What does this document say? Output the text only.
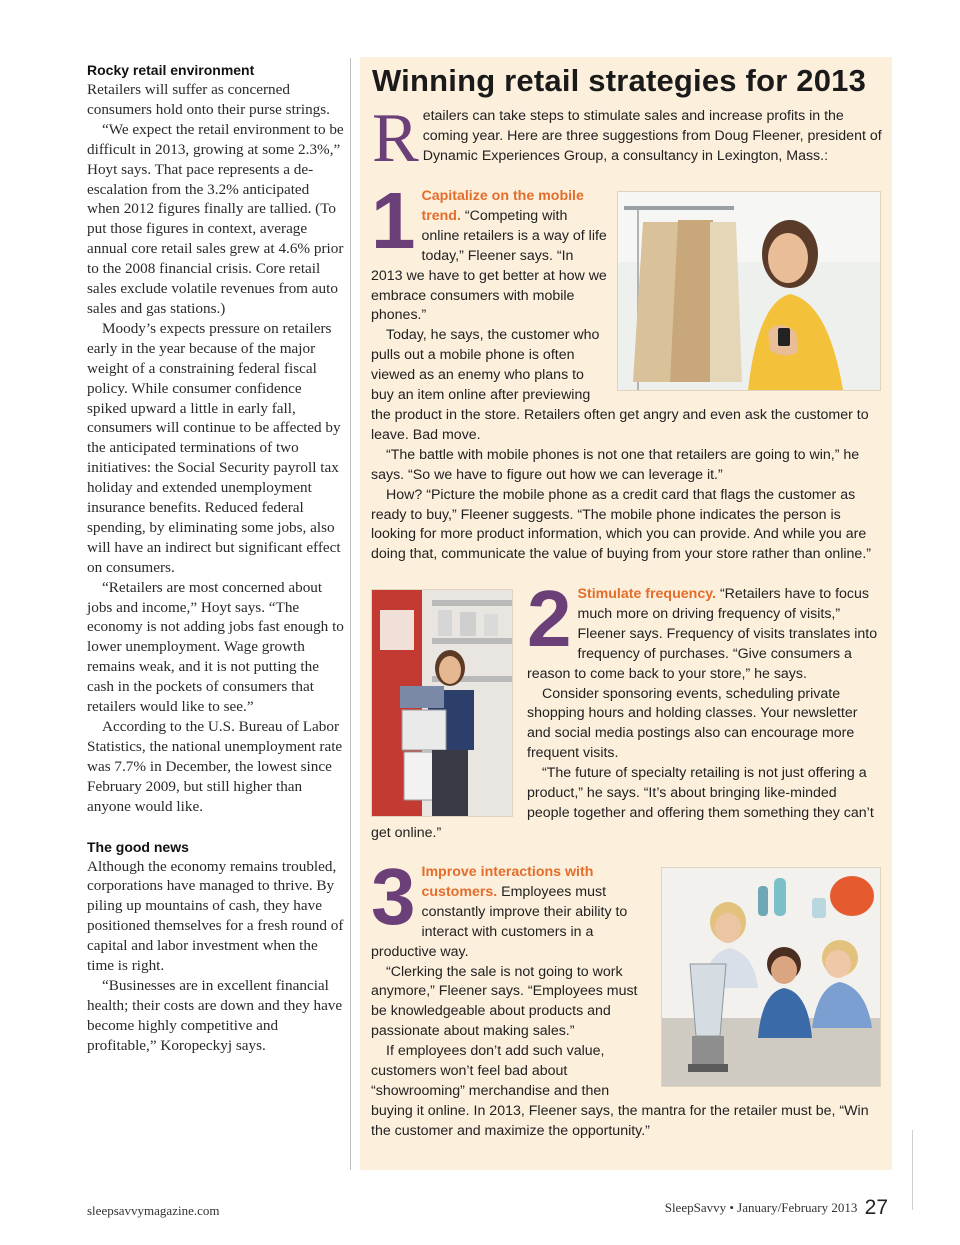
Rocky retail environment

Retailers will suffer as concerned consumers hold onto their purse strings.

“We expect the retail environment to be difficult in 2013, growing at some 2.3%,” Hoyt says. That pace represents a de-escalation from the 3.2% anticipated when 2012 figures finally are tallied. (To put those figures in context, average annual core retail sales grew at 4.6% prior to the 2008 financial crisis. Core retail sales exclude volatile revenues from auto sales and gas stations.)

Moody’s expects pressure on retailers early in the year because of the major weight of a constraining federal fiscal policy. While consumer confidence spiked upward a little in early fall, consumers will continue to be affected by the anticipated terminations of two initiatives: the Social Security payroll tax holiday and extended unemployment insurance benefits. Reduced federal spending, by eliminating some jobs, also will have an indirect but significant effect on consumers.

“Retailers are most concerned about jobs and income,” Hoyt says. “The economy is not adding jobs fast enough to lower unemployment. Wage growth remains weak, and it is not putting the cash in the pockets of consumers that retailers would like to see.”

According to the U.S. Bureau of Labor Statistics, the national unemployment rate was 7.7% in December, the lowest since February 2009, but still higher than anyone would like.

The good news

Although the economy remains troubled, corporations have managed to thrive. By piling up mountains of cash, they have positioned themselves for a fresh round of capital and labor investment when the time is right.

“Businesses are in excellent financial health; their costs are down and they have become highly competitive and profitable,” Koropeckyj says.

Winning retail strategies for 2013
R etailers can take steps to stimulate sales and increase profits in the coming year. Here are three suggestions from Doug Fleener, president of Dynamic Experiences Group, a consultancy in Lexington, Mass.:

1 Capitalize on the mobile trend. “Competing with online retailers is a way of life today,” Fleener says. “In 2013 we have to get better at how we embrace consumers with mobile phones.”

Today, he says, the customer who pulls out a mobile phone is often viewed as an enemy who plans to buy an item online after previewing the product in the store. Retailers often get angry and even ask the customer to leave. Bad move.

“The battle with mobile phones is not one that retailers are going to win,” he says. “So we have to figure out how we can leverage it.”

How? “Picture the mobile phone as a credit card that flags the customer as ready to buy,” Fleener suggests. “The mobile phone indicates the person is looking for more product information, which you can provide. And while you are doing that, communicate the value of buying from your store rather than online.”

2 Stimulate frequency. “Retailers have to focus much more on driving frequency of visits,” Fleener says. Frequency of visits translates into frequency of purchases. “Give consumers a reason to come back to your store,” he says.

Consider sponsoring events, scheduling private shopping hours and holding classes. Your newsletter and social media postings also can encourage more frequent visits.

“The future of specialty retailing is not just offering a product,” he says. “It’s about bringing like-minded people together and offering them something they can’t get online.”

3 Improve interactions with customers. Employees must constantly improve their ability to interact with customers in a productive way.

“Clerking the sale is not going to work anymore,” Fleener says. “Employees must be knowledgeable about products and passionate about making sales.”

If employees don’t add such value, customers won’t feel bad about “showrooming” merchandise and then buying it online. In 2013, Fleener says, the mantra for the retailer must be, “Win the customer and maximize the opportunity.”

sleepsavvymagazine.com	SleepSavvy • January/February 2013 27
